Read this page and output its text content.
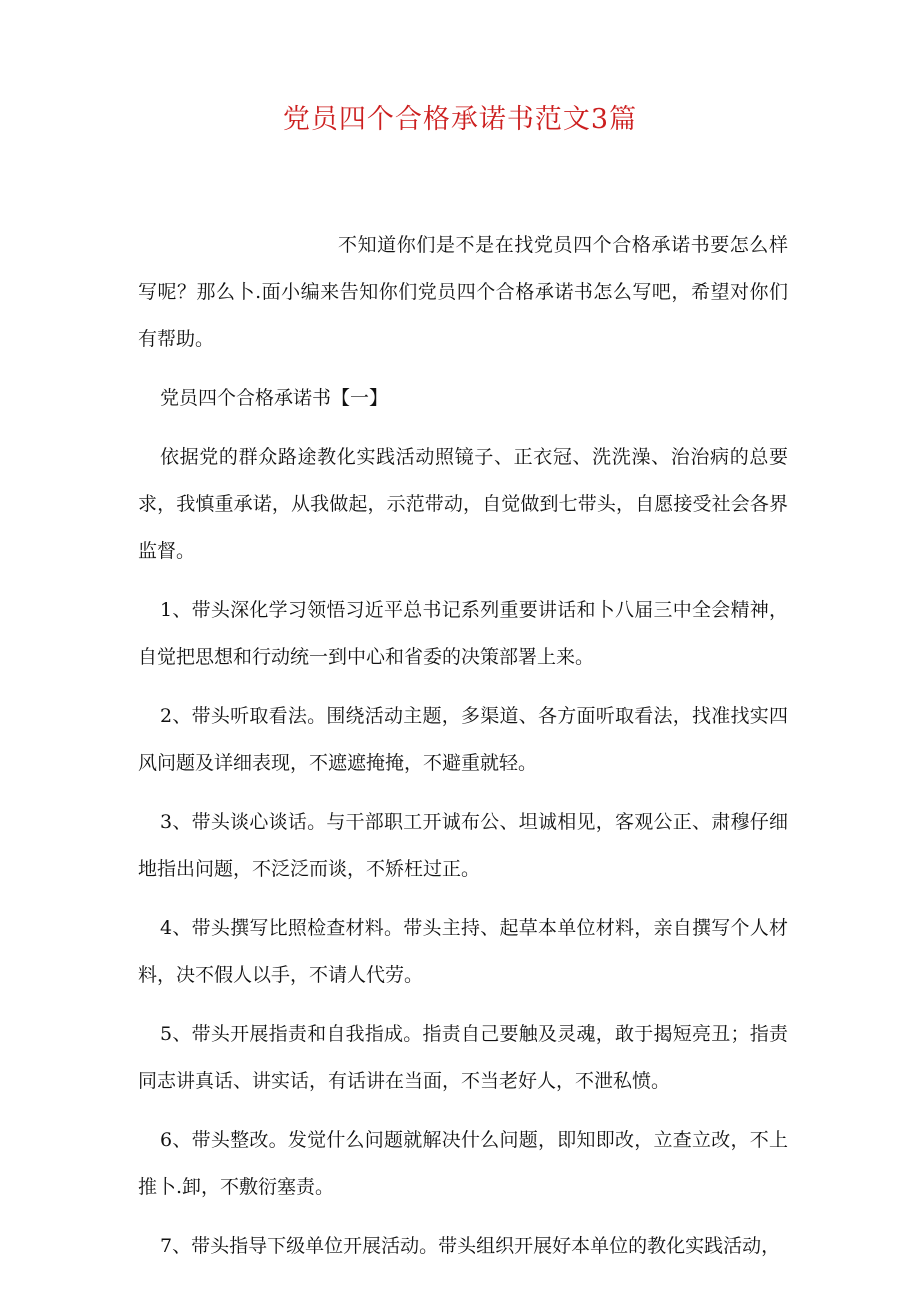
党员四个合格承诺书范文3篇

不知道你们是不是在找党员四个合格承诺书要怎么样写呢？那么卜.面小编来告知你们党员四个合格承诺书怎么写吧，希望对你们有帮助。

党员四个合格承诺书【一】

依据党的群众路途教化实践活动照镜子、正衣冠、洗洗澡、治治病的总要求，我慎重承诺，从我做起，示范带动，自觉做到七带头，自愿接受社会各界监督。

1、带头深化学习领悟习近平总书记系列重要讲话和卜八届三中全会精神，自觉把思想和行动统一到中心和省委的决策部署上来。

2、带头听取看法。围绕活动主题，多渠道、各方面听取看法，找准找实四风问题及详细表现，不遮遮掩掩，不避重就轻。

3、带头谈心谈话。与干部职工开诚布公、坦诚相见，客观公正、肃穆仔细地指出问题，不泛泛而谈，不矫枉过正。

4、带头撰写比照检查材料。带头主持、起草本单位材料，亲自撰写个人材料，决不假人以手，不请人代劳。

5、带头开展指责和自我指成。指责自己要触及灵魂，敢于揭短亮丑；指责同志讲真话、讲实话，有话讲在当面，不当老好人，不泄私愤。

6、带头整改。发觉什么问题就解决什么问题，即知即改，立查立改，不上推卜.卸，不敷衍塞责。

7、带头指导下级单位开展活动。带头组织开展好本单位的教化实践活动，
